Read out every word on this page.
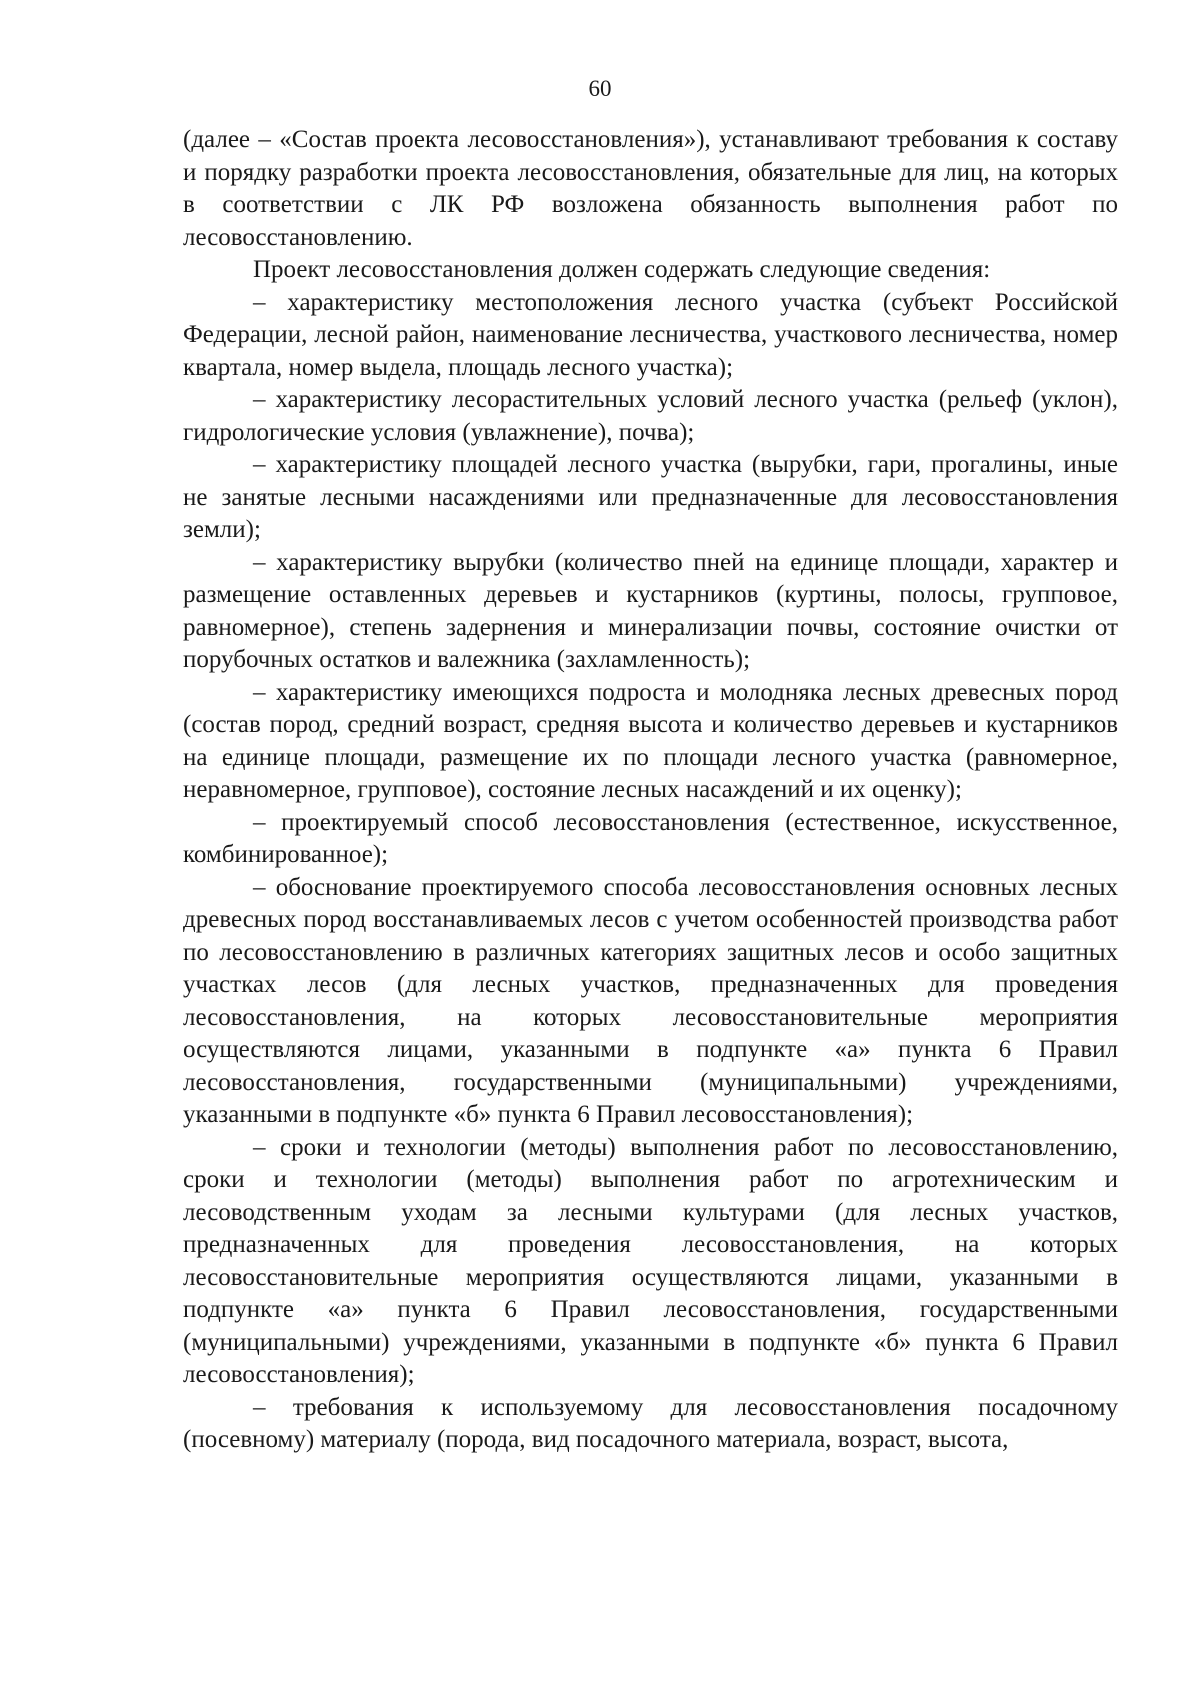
60

(далее – «Состав проекта лесовосстановления»), устанавливают требования к составу и порядку разработки проекта лесовосстановления, обязательные для лиц, на которых в соответствии с ЛК РФ возложена обязанность выполнения работ по лесовосстановлению.

Проект лесовосстановления должен содержать следующие сведения:

– характеристику местоположения лесного участка (субъект Российской Федерации, лесной район, наименование лесничества, участкового лесничества, номер квартала, номер выдела, площадь лесного участка);

– характеристику лесорастительных условий лесного участка (рельеф (уклон), гидрологические условия (увлажнение), почва);

– характеристику площадей лесного участка (вырубки, гари, прогалины, иные не занятые лесными насаждениями или предназначенные для лесовосстановления земли);

– характеристику вырубки (количество пней на единице площади, характер и размещение оставленных деревьев и кустарников (куртины, полосы, групповое, равномерное), степень задернения и минерализации почвы, состояние очистки от порубочных остатков и валежника (захламленность);

– характеристику имеющихся подроста и молодняка лесных древесных пород (состав пород, средний возраст, средняя высота и количество деревьев и кустарников на единице площади, размещение их по площади лесного участка (равномерное, неравномерное, групповое), состояние лесных насаждений и их оценку);

– проектируемый способ лесовосстановления (естественное, искусственное, комбинированное);

– обоснование проектируемого способа лесовосстановления основных лесных древесных пород восстанавливаемых лесов с учетом особенностей производства работ по лесовосстановлению в различных категориях защитных лесов и особо защитных участках лесов (для лесных участков, предназначенных для проведения лесовосстановления, на которых лесовосстановительные мероприятия осуществляются лицами, указанными в подпункте «а» пункта 6 Правил лесовосстановления, государственными (муниципальными) учреждениями, указанными в подпункте «б» пункта 6 Правил лесовосстановления);

– сроки и технологии (методы) выполнения работ по лесовосстановлению, сроки и технологии (методы) выполнения работ по агротехническим и лесоводственным уходам за лесными культурами (для лесных участков, предназначенных для проведения лесовосстановления, на которых лесовосстановительные мероприятия осуществляются лицами, указанными в подпункте «а» пункта 6 Правил лесовосстановления, государственными (муниципальными) учреждениями, указанными в подпункте «б» пункта 6 Правил лесовосстановления);

– требования к используемому для лесовосстановления посадочному (посевному) материалу (порода, вид посадочного материала, возраст, высота,
